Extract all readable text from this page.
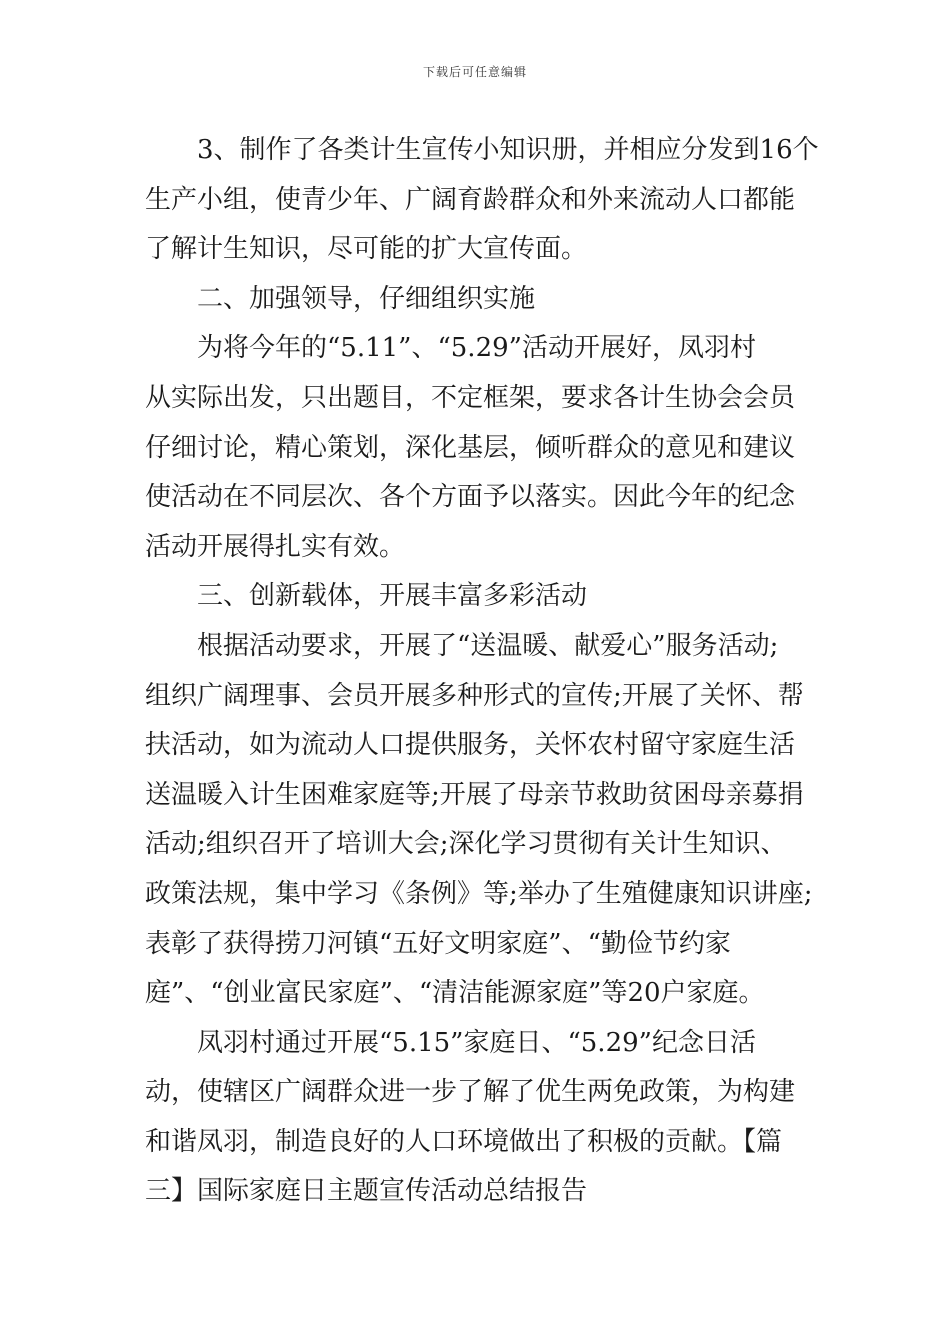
下载后可任意编辑
3、制作了各类计生宣传小知识册，并相应分发到16个
生产小组，使青少年、广阔育龄群众和外来流动人口都能
了解计生知识，尽可能的扩大宣传面。
二、加强领导，仔细组织实施
为将今年的“5.11”、“5.29”活动开展好，凤羽村
从实际出发，只出题目，不定框架，要求各计生协会会员
仔细讨论，精心策划，深化基层，倾听群众的意见和建议
使活动在不同层次、各个方面予以落实。因此今年的纪念
活动开展得扎实有效。
三、创新载体，开展丰富多彩活动
根据活动要求，开展了“送温暖、献爱心”服务活动;
组织广阔理事、会员开展多种形式的宣传;开展了关怀、帮
扶活动，如为流动人口提供服务，关怀农村留守家庭生活
送温暖入计生困难家庭等;开展了母亲节救助贫困母亲募捐
活动;组织召开了培训大会;深化学习贯彻有关计生知识、
政策法规，集中学习《条例》等;举办了生殖健康知识讲座;
表彰了获得捞刀河镇“五好文明家庭”、“勤俭节约家
庭”、“创业富民家庭”、“清洁能源家庭”等20户家庭。
凤羽村通过开展“5.15”家庭日、“5.29”纪念日活
动，使辖区广阔群众进一步了解了优生两免政策，为构建
和谐凤羽，制造良好的人口环境做出了积极的贡献。【篇
三】国际家庭日主题宣传活动总结报告
